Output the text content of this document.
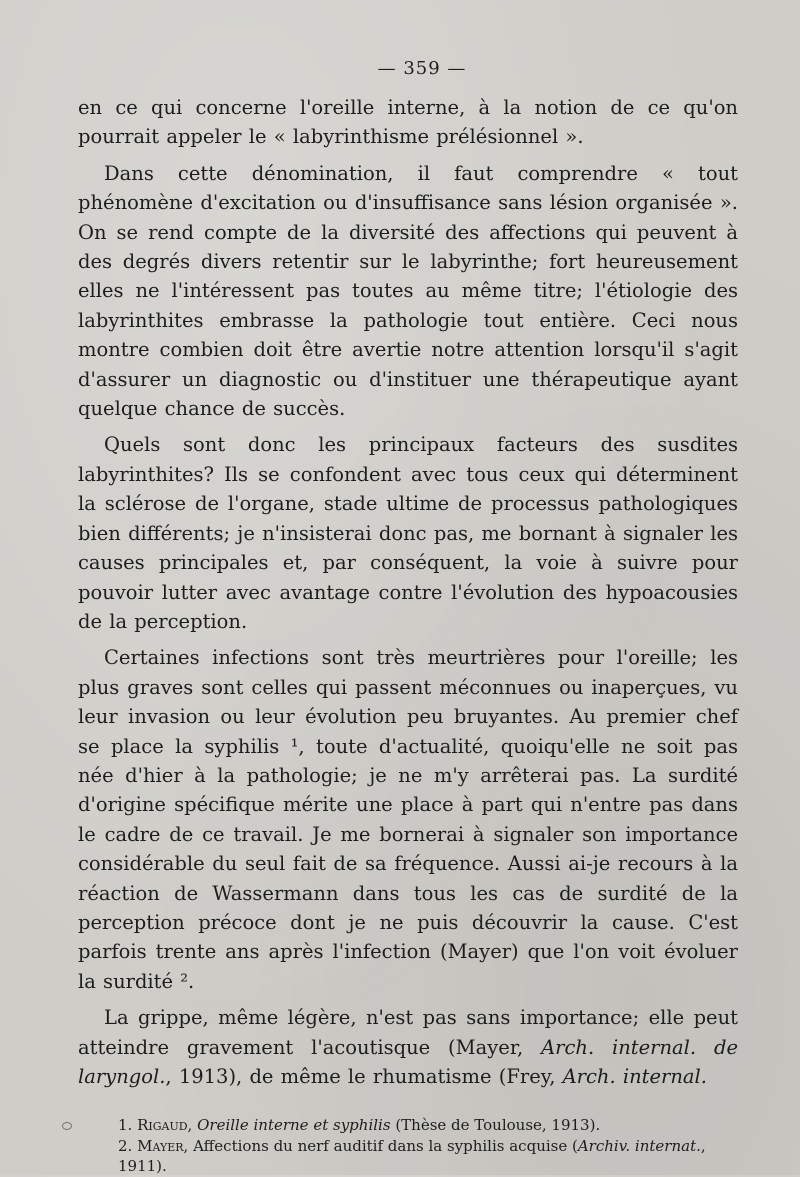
— 359 —

en ce qui concerne l'oreille interne, à la notion de ce qu'on pourrait appeler le « labyrinthisme prélésionnel ».

Dans cette dénomination, il faut comprendre « tout phénomène d'excitation ou d'insuffisance sans lésion organisée ». On se rend compte de la diversité des affections qui peuvent à des degrés divers retentir sur le labyrinthe; fort heureusement elles ne l'intéressent pas toutes au même titre; l'étiologie des labyrinthites embrasse la pathologie tout entière. Ceci nous montre combien doit être avertie notre attention lorsqu'il s'agit d'assurer un diagnostic ou d'instituer une thérapeutique ayant quelque chance de succès.

Quels sont donc les principaux facteurs des susdites labyrinthites? Ils se confondent avec tous ceux qui déterminent la sclérose de l'organe, stade ultime de processus pathologiques bien différents; je n'insisterai donc pas, me bornant à signaler les causes principales et, par conséquent, la voie à suivre pour pouvoir lutter avec avantage contre l'évolution des hypoacousies de la perception.

Certaines infections sont très meurtrières pour l'oreille; les plus graves sont celles qui passent méconnues ou inaperçues, vu leur invasion ou leur évolution peu bruyantes. Au premier chef se place la syphilis ¹, toute d'actualité, quoiqu'elle ne soit pas née d'hier à la pathologie; je ne m'y arrêterai pas. La surdité d'origine spécifique mérite une place à part qui n'entre pas dans le cadre de ce travail. Je me bornerai à signaler son importance considérable du seul fait de sa fréquence. Aussi ai-je recours à la réaction de Wassermann dans tous les cas de surdité de la perception précoce dont je ne puis découvrir la cause. C'est parfois trente ans après l'infection (Mayer) que l'on voit évoluer la surdité ².

La grippe, même légère, n'est pas sans importance; elle peut atteindre gravement l'acoutisque (Mayer, Arch. internal. de laryngol., 1913), de même le rhumatisme (Frey, Arch. internal.

1. Rigaud, Oreille interne et syphilis (Thèse de Toulouse, 1913).
2. Mayer, Affections du nerf auditif dans la syphilis acquise (Archiv. internat., 1911).
